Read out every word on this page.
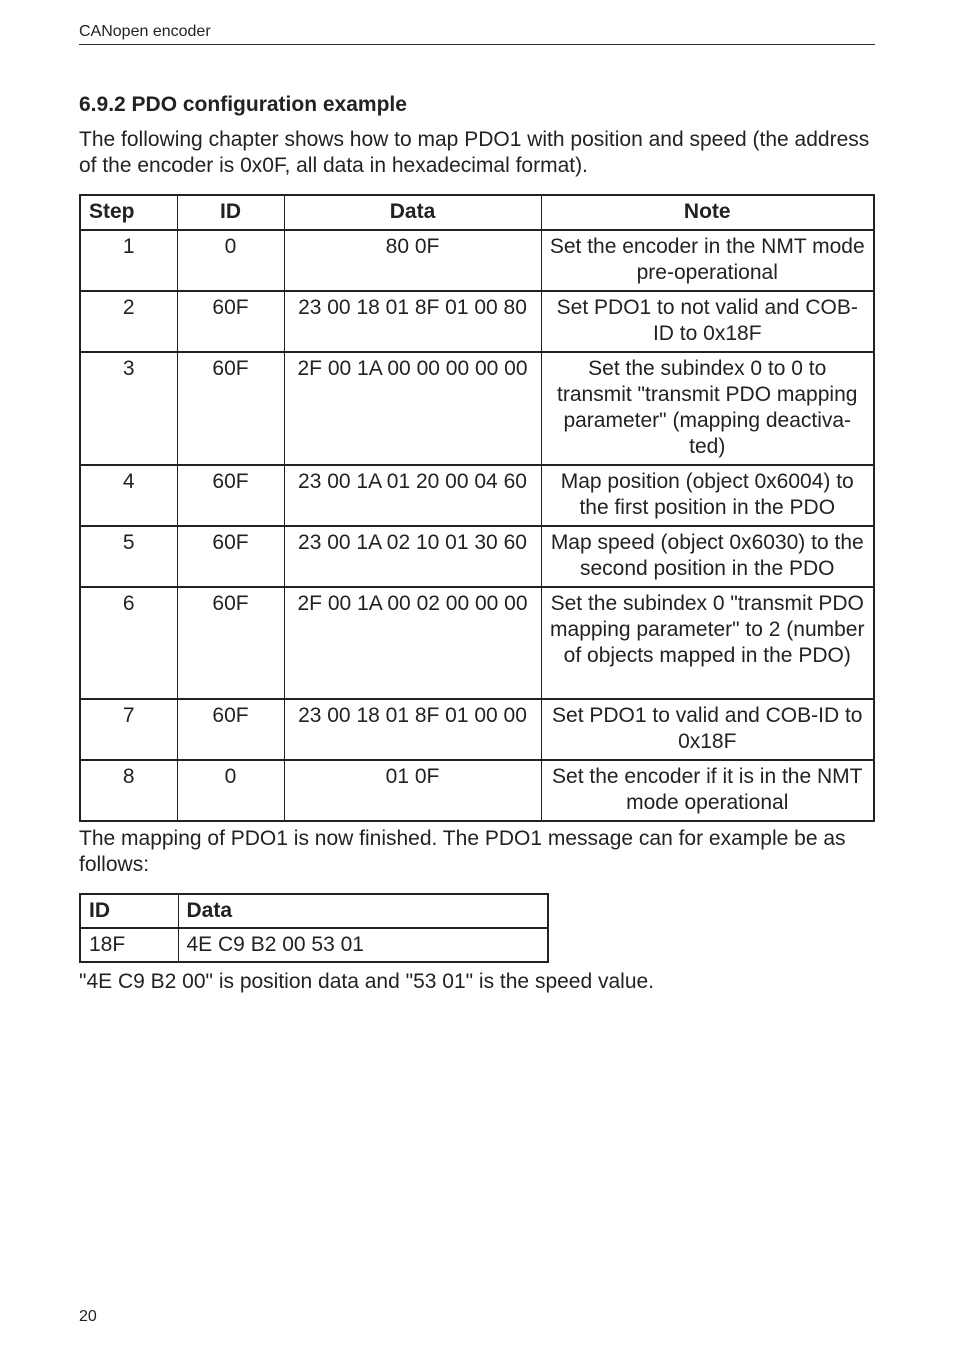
CANopen encoder
6.9.2 PDO configuration example

The following chapter shows how to map PDO1 with position and speed (the address of the encoder is 0x0F, all data in hexadecimal format).

Step	ID	Data	Note
1	0	80 0F	Set the encoder in the NMT mode pre-operational
2	60F	23 00 18 01 8F 01 00 80	Set PDO1 to not valid and COB-ID to 0x18F
3	60F	2F 00 1A 00 00 00 00 00	Set the subindex 0 to 0 to transmit "transmit PDO mapping parameter" (mapping deactiva-ted)
4	60F	23 00 1A 01 20 00 04 60	Map position (object 0x6004) to the first position in the PDO
5	60F	23 00 1A 02 10 01 30 60	Map speed (object 0x6030) to the second position in the PDO
6	60F	2F 00 1A 00 02 00 00 00	Set the subindex 0 "transmit PDO mapping parameter" to 2 (number of objects mapped in the PDO)
7	60F	23 00 18 01 8F 01 00 00	Set PDO1 to valid and COB-ID to 0x18F
8	0	01 0F	Set the encoder if it is in the NMT mode operational

The mapping of PDO1 is now finished. The PDO1 message can for example be as follows:

ID	Data
18F	4E C9 B2 00 53 01

"4E C9 B2 00" is position data and "53 01" is the speed value.

20
